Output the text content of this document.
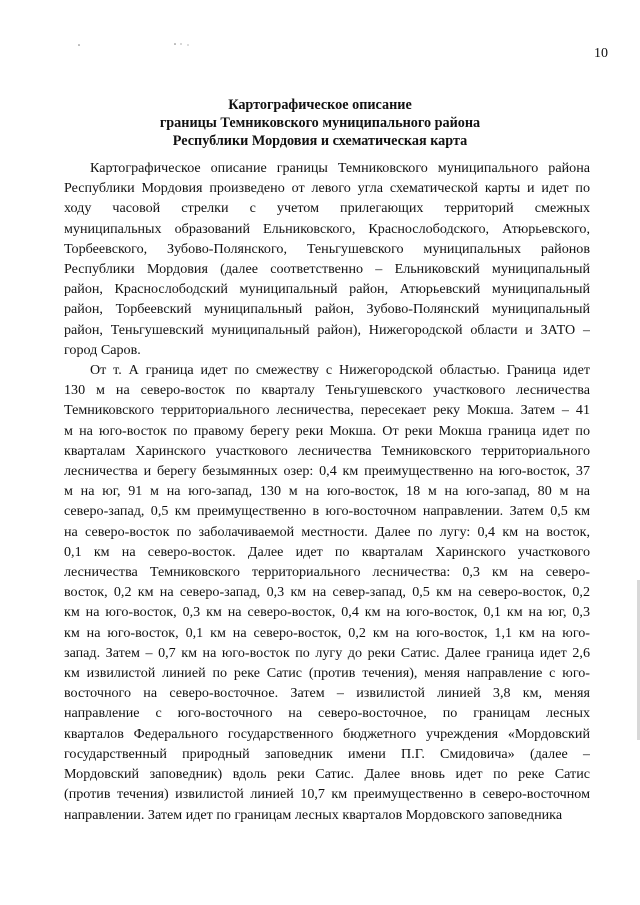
10
Картографическое описание
границы Темниковского муниципального района
Республики Мордовия и схематическая карта

Картографическое описание границы Темниковского муниципального района
Республики Мордовия произведено от левого угла схематической карты и идет по
ходу часовой стрелки с учетом прилегающих территорий смежных
муниципальных образований Ельниковского, Краснослободского, Атюрьевского,
Торбеевского, Зубово-Полянского, Теньгушевского муниципальных районов
Республики Мордовия (далее соответственно – Ельниковский муниципальный
район, Краснослободский муниципальный район, Атюрьевский муниципальный
район, Торбеевский муниципальный район, Зубово-Полянский муниципальный
район, Теньгушевский муниципальный район), Нижегородской области и ЗАТО –
город Саров.

От т. А граница идет по смежеству с Нижегородской областью. Граница идет
130 м на северо-восток по кварталу Теньгушевского участкового лесничества
Темниковского территориального лесничества, пересекает реку Мокша. Затем – 41
м на юго-восток по правому берегу реки Мокша. От реки Мокша граница идет по
кварталам Харинского участкового лесничества Темниковского территориального
лесничества и берегу безымянных озер: 0,4 км преимущественно на юго-восток, 37
м на юг, 91 м на юго-запад, 130 м на юго-восток, 18 м на юго-запад, 80 м на
северо-запад, 0,5 км преимущественно в юго-восточном направлении. Затем 0,5 км
на северо-восток по заболачиваемой местности. Далее по лугу: 0,4 км на восток,
0,1 км на северо-восток. Далее идет по кварталам Харинского участкового
лесничества Темниковского территориального лесничества: 0,3 км на северо-
восток, 0,2 км на северо-запад, 0,3 км на север-запад, 0,5 км на северо-восток, 0,2
км на юго-восток, 0,3 км на северо-восток, 0,4 км на юго-восток, 0,1 км на юг, 0,3
км на юго-восток, 0,1 км на северо-восток, 0,2 км на юго-восток, 1,1 км на юго-
запад. Затем – 0,7 км на юго-восток по лугу до реки Сатис. Далее граница идет 2,6
км извилистой линией по реке Сатис (против течения), меняя направление с юго-
восточного на северо-восточное. Затем – извилистой линией 3,8 км, меняя
направление с юго-восточного на северо-восточное, по границам лесных
кварталов Федерального государственного бюджетного учреждения «Мордовский
государственный природный заповедник имени П.Г. Смидовича» (далее –
Мордовский заповедник) вдоль реки Сатис. Далее вновь идет по реке Сатис
(против течения) извилистой линией 10,7 км преимущественно в северо-восточном
направлении. Затем идет по границам лесных кварталов Мордовского заповедника
